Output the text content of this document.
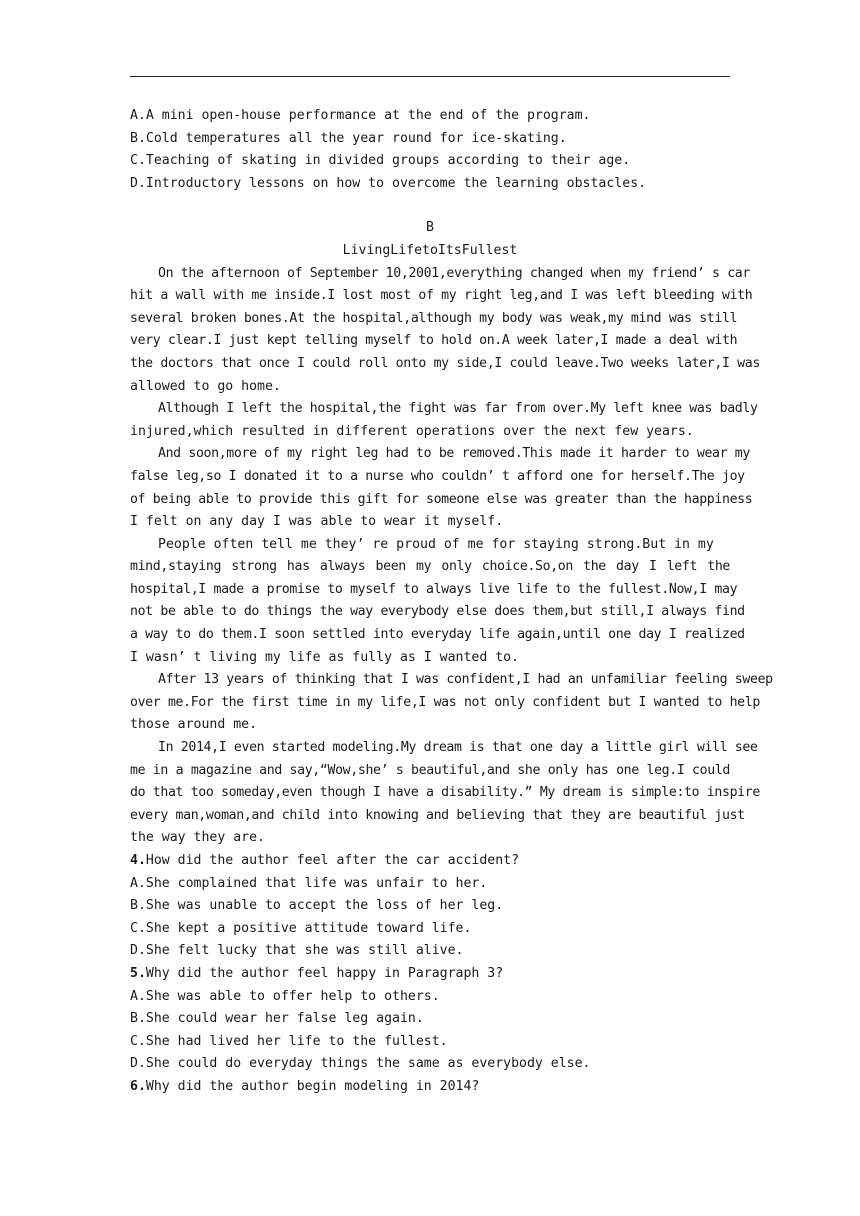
A.A mini open-house performance at the end of the program.
B.Cold temperatures all the year round for ice-skating.
C.Teaching of skating in divided groups according to their age.
D.Introductory lessons on how to overcome the learning obstacles.
B
LivingLifetoItsFullest
On the afternoon of September 10,2001,everything changed when my friend’ s car
hit a wall with me inside.I lost most of my right leg,and I was left bleeding with
several broken bones.At the hospital,although my body was weak,my mind was still
very clear.I just kept telling myself to hold on.A week later,I made a deal with
the doctors that once I could roll onto my side,I could leave.Two weeks later,I was
allowed to go home.
Although I left the hospital,the fight was far from over.My left knee was badly
injured,which resulted in different operations over the next few years.
And soon,more of my right leg had to be removed.This made it harder to wear my
false leg,so I donated it to a nurse who couldn’ t afford one for herself.The joy
of being able to provide this gift for someone else was greater than the happiness
I felt on any day I was able to wear it myself.
People often tell me they’ re proud of me for staying strong.But in my
mind,staying strong has always been my only choice.So,on the day I left the
hospital,I made a promise to myself to always live life to the fullest.Now,I may
not be able to do things the way everybody else does them,but still,I always find
a way to do them.I soon settled into everyday life again,until one day I realized
I wasn’ t living my life as fully as I wanted to.
After 13 years of thinking that I was confident,I had an unfamiliar feeling sweep
over me.For the first time in my life,I was not only confident but I wanted to help
those around me.
In 2014,I even started modeling.My dream is that one day a little girl will see
me in a magazine and say,“Wow,she’ s beautiful,and she only has one leg.I could
do that too someday,even though I have a disability.” My dream is simple:to inspire
every man,woman,and child into knowing and believing that they are beautiful just
the way they are.
4.How did the author feel after the car accident?
A.She complained that life was unfair to her.
B.She was unable to accept the loss of her leg.
C.She kept a positive attitude toward life.
D.She felt lucky that she was still alive.
5.Why did the author feel happy in Paragraph 3?
A.She was able to offer help to others.
B.She could wear her false leg again.
C.She had lived her life to the fullest.
D.She could do everyday things the same as everybody else.
6.Why did the author begin modeling in 2014?
